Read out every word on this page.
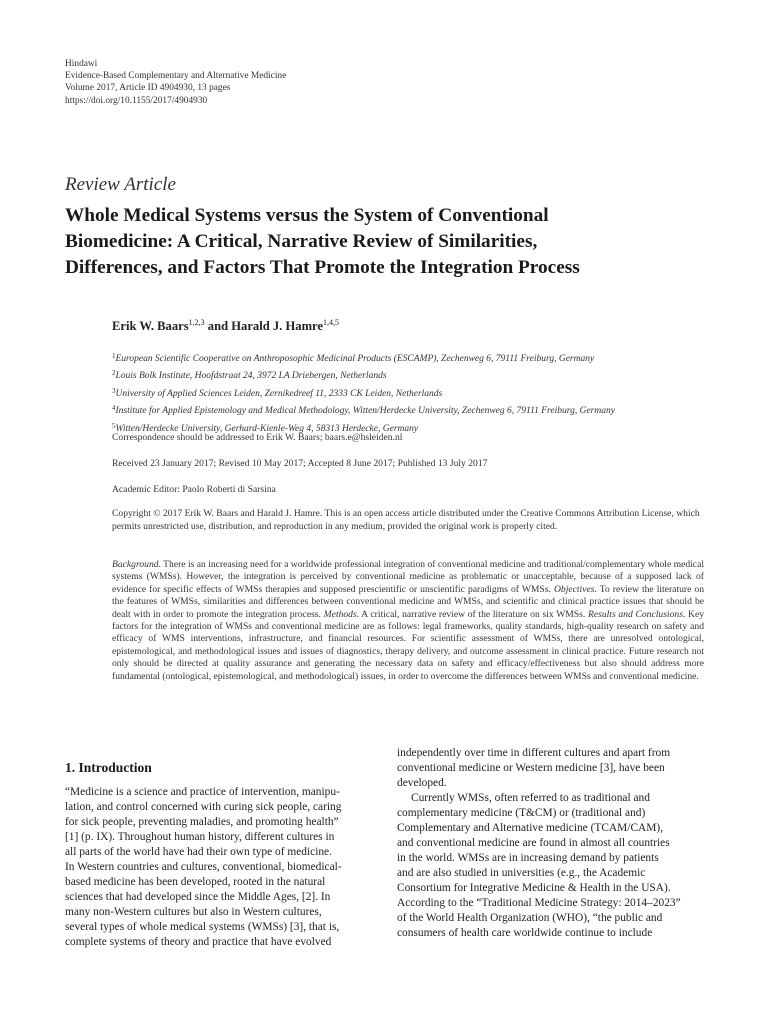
Hindawi
Evidence-Based Complementary and Alternative Medicine
Volume 2017, Article ID 4904930, 13 pages
https://doi.org/10.1155/2017/4904930
Review Article
Whole Medical Systems versus the System of Conventional
Biomedicine: A Critical, Narrative Review of Similarities,
Differences, and Factors That Promote the Integration Process
Erik W. Baars$^{1,2,3}$ and Harald J. Hamre$^{1,4,5}$
$^1$European Scientific Cooperative on Anthroposophic Medicinal Products (ESCAMP), Zechenweg 6, 79111 Freiburg, Germany
$^2$Louis Bolk Institute, Hoofdstraat 24, 3972 LA Driebergen, Netherlands
$^3$University of Applied Sciences Leiden, Zernikedreef 11, 2333 CK Leiden, Netherlands
$^4$Institute for Applied Epistemology and Medical Methodology, Witten/Herdecke University, Zechenweg 6, 79111 Freiburg, Germany
$^5$Witten/Herdecke University, Gerhard-Kienle-Weg 4, 58313 Herdecke, Germany
Correspondence should be addressed to Erik W. Baars; baars.e@hsleiden.nl
Received 23 January 2017; Revised 10 May 2017; Accepted 8 June 2017; Published 13 July 2017
Academic Editor: Paolo Roberti di Sarsina
Copyright © 2017 Erik W. Baars and Harald J. Hamre. This is an open access article distributed under the Creative Commons Attribution License, which permits unrestricted use, distribution, and reproduction in any medium, provided the original work is properly cited.
Background. There is an increasing need for a worldwide professional integration of conventional medicine and traditional/complementary whole medical systems (WMSs). However, the integration is perceived by conventional medicine as problematic or unacceptable, because of a supposed lack of evidence for specific effects of WMSs therapies and supposed prescientific or unscientific paradigms of WMSs. Objectives. To review the literature on the features of WMSs, similarities and differences between conventional medicine and WMSs, and scientific and clinical practice issues that should be dealt with in order to promote the integration process. Methods. A critical, narrative review of the literature on six WMSs. Results and Conclusions. Key factors for the integration of WMSs and conventional medicine are as follows: legal frameworks, quality standards, high-quality research on safety and efficacy of WMS interventions, infrastructure, and financial resources. For scientific assessment of WMSs, there are unresolved ontological, epistemological, and methodological issues and issues of diagnostics, therapy delivery, and outcome assessment in clinical practice. Future research not only should be directed at quality assurance and generating the necessary data on safety and efficacy/effectiveness but also should address more fundamental (ontological, epistemological, and methodological) issues, in order to overcome the differences between WMSs and conventional medicine.
1. Introduction
“Medicine is a science and practice of intervention, manipu-
lation, and control concerned with curing sick people, caring
for sick people, preventing maladies, and promoting health”
[1] (p. IX). Throughout human history, different cultures in
all parts of the world have had their own type of medicine.
In Western countries and cultures, conventional, biomedical-
based medicine has been developed, rooted in the natural
sciences that had developed since the Middle Ages, [2]. In
many non-Western cultures but also in Western cultures,
several types of whole medical systems (WMSs) [3], that is,
complete systems of theory and practice that have evolved
independently over time in different cultures and apart from
conventional medicine or Western medicine [3], have been
developed.
Currently WMSs, often referred to as traditional and
complementary medicine (T&CM) or (traditional and)
Complementary and Alternative medicine (TCAM/CAM),
and conventional medicine are found in almost all countries
in the world. WMSs are in increasing demand by patients
and are also studied in universities (e.g., the Academic
Consortium for Integrative Medicine & Health in the USA).
According to the “Traditional Medicine Strategy: 2014–2023”
of the World Health Organization (WHO), “the public and
consumers of health care worldwide continue to include
